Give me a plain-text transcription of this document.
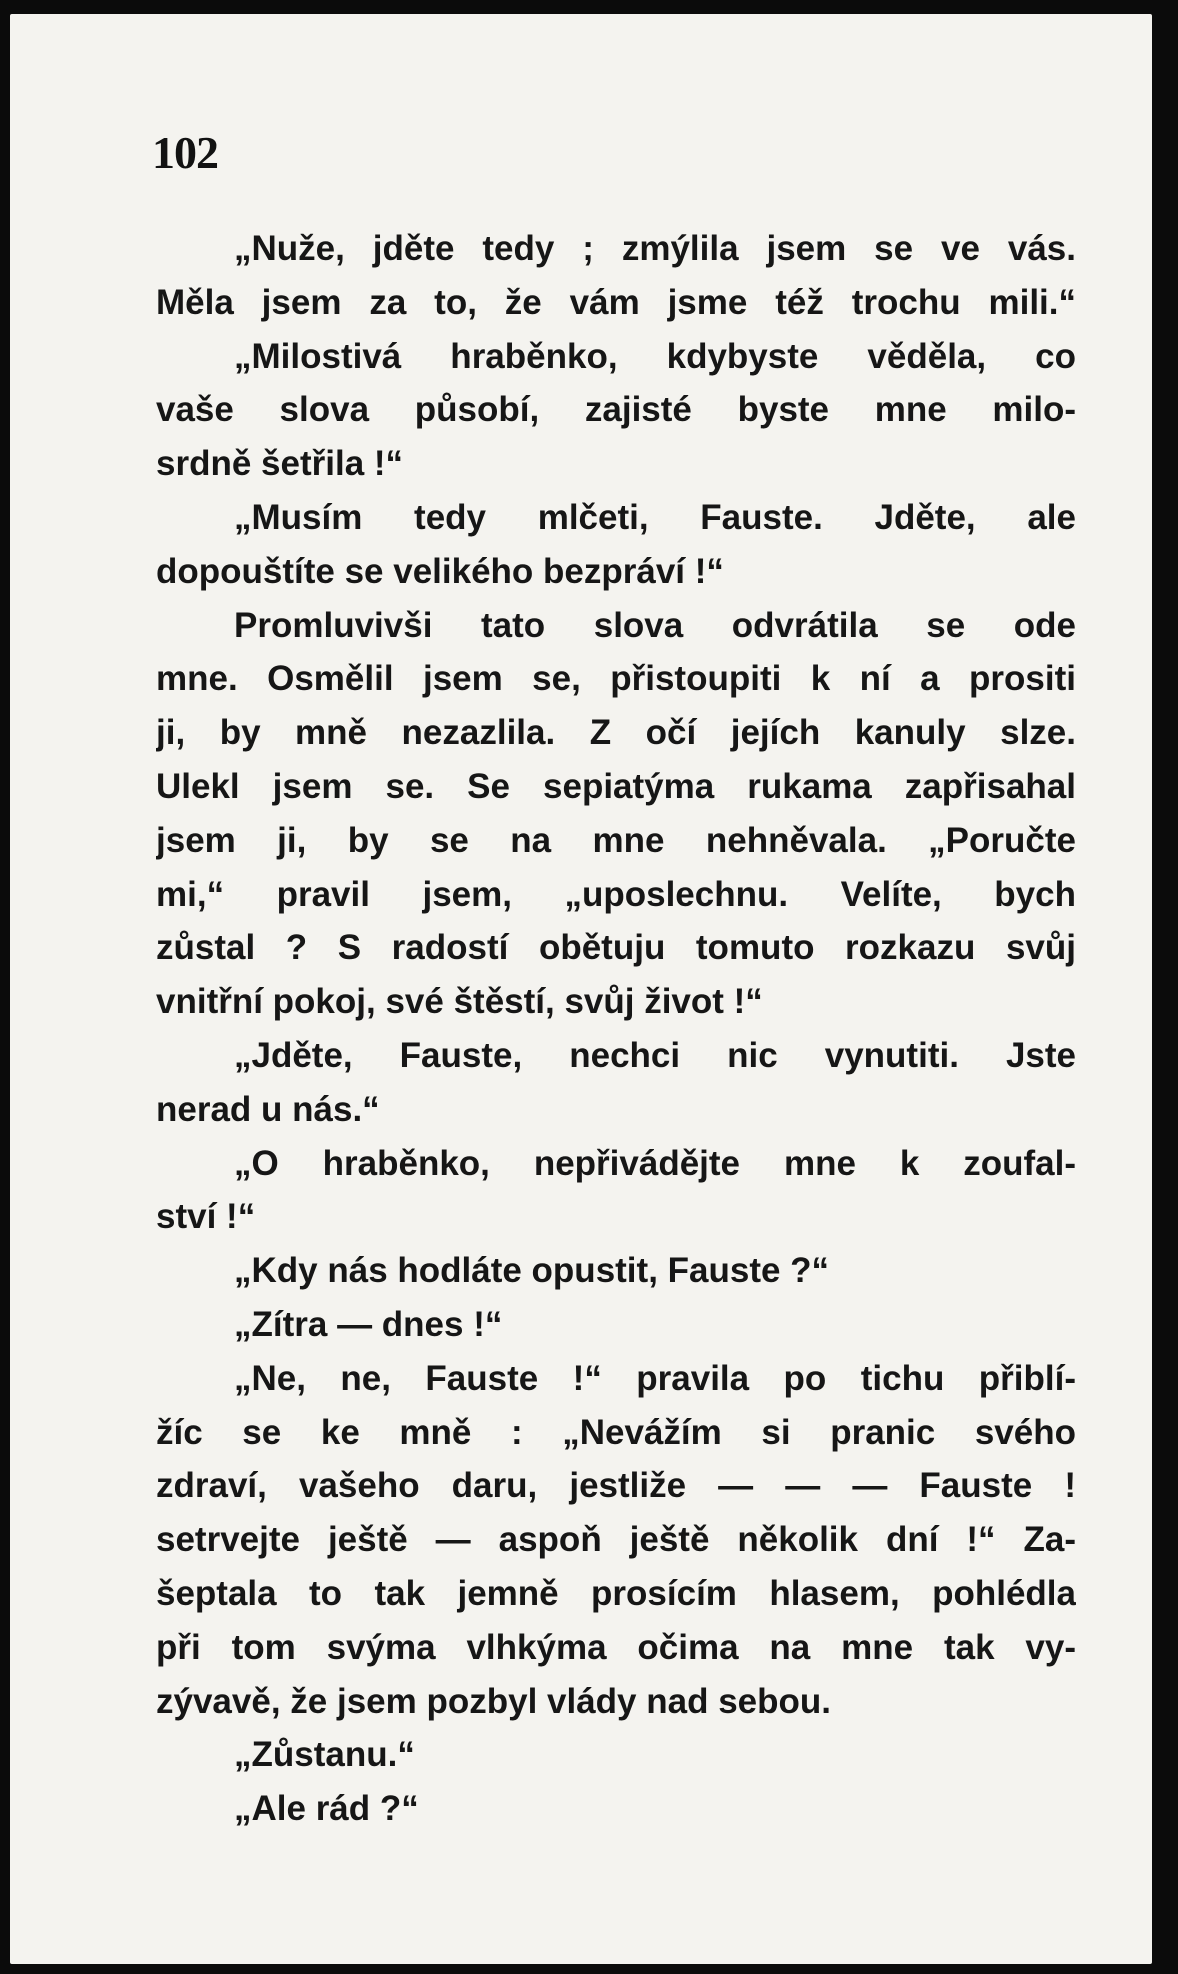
102
„Nuže, jděte tedy ; zmýlila jsem se ve vás.
Měla jsem za to, že vám jsme též trochu mili.“
„Milostivá hraběnko, kdybyste věděla, co
vaše slova působí, zajisté byste mne milo-
srdně šetřila !“
„Musím tedy mlčeti, Fauste. Jděte, ale
dopouštíte se velikého bezpráví !“
Promluvivši tato slova odvrátila se ode
mne. Osmělil jsem se, přistoupiti k ní a prositi
ji, by mně nezazlila. Z očí jejích kanuly slze.
Ulekl jsem se. Se sepiatýma rukama zapřisahal
jsem ji, by se na mne nehněvala. „Poručte
mi,“ pravil jsem, „uposlechnu. Velíte, bych
zůstal ? S radostí obětuju tomuto rozkazu svůj
vnitřní pokoj, své štěstí, svůj život !“
„Jděte, Fauste, nechci nic vynutiti. Jste
nerad u nás.“
„O hraběnko, nepřivádějte mne k zoufal-
ství !“
„Kdy nás hodláte opustit, Fauste ?“
„Zítra — dnes !“
„Ne, ne, Fauste !“ pravila po tichu přiblí-
žíc se ke mně : „Nevážím si pranic svého
zdraví, vašeho daru, jestliže — — — Fauste !
setrvejte ještě — aspoň ještě několik dní !“ Za-
šeptala to tak jemně prosícím hlasem, pohlédla
při tom svýma vlhkýma očima na mne tak vy-
zývavě, že jsem pozbyl vlády nad sebou.
„Zůstanu.“
„Ale rád ?“
